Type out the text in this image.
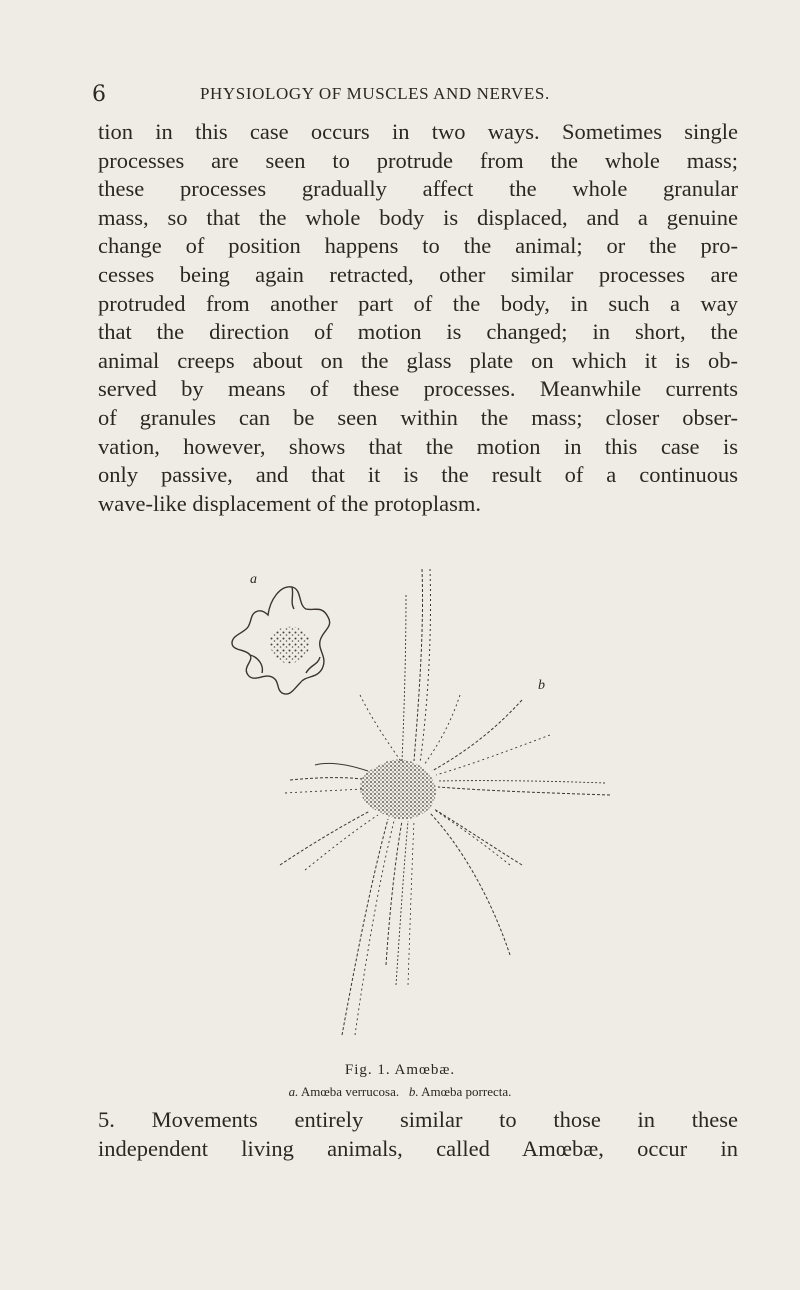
6	PHYSIOLOGY OF MUSCLES AND NERVES.
tion in this case occurs in two ways. Sometimes single
processes are seen to protrude from the whole mass;
these processes gradually affect the whole granular
mass, so that the whole body is displaced, and a genuine
change of position happens to the animal; or the pro-
cesses being again retracted, other similar processes are
protruded from another part of the body, in such a way
that the direction of motion is changed; in short, the
animal creeps about on the glass plate on which it is ob-
served by means of these processes. Meanwhile currents
of granules can be seen within the mass; closer obser-
vation, however, shows that the motion in this case is
only passive, and that it is the result of a continuous
wave-like displacement of the protoplasm.
a
b
Fig. 1. Amœbæ.
a. Amœba verrucosa. b. Amœba porrecta.
5. Movements entirely similar to those in these
independent living animals, called Amœbæ, occur in
